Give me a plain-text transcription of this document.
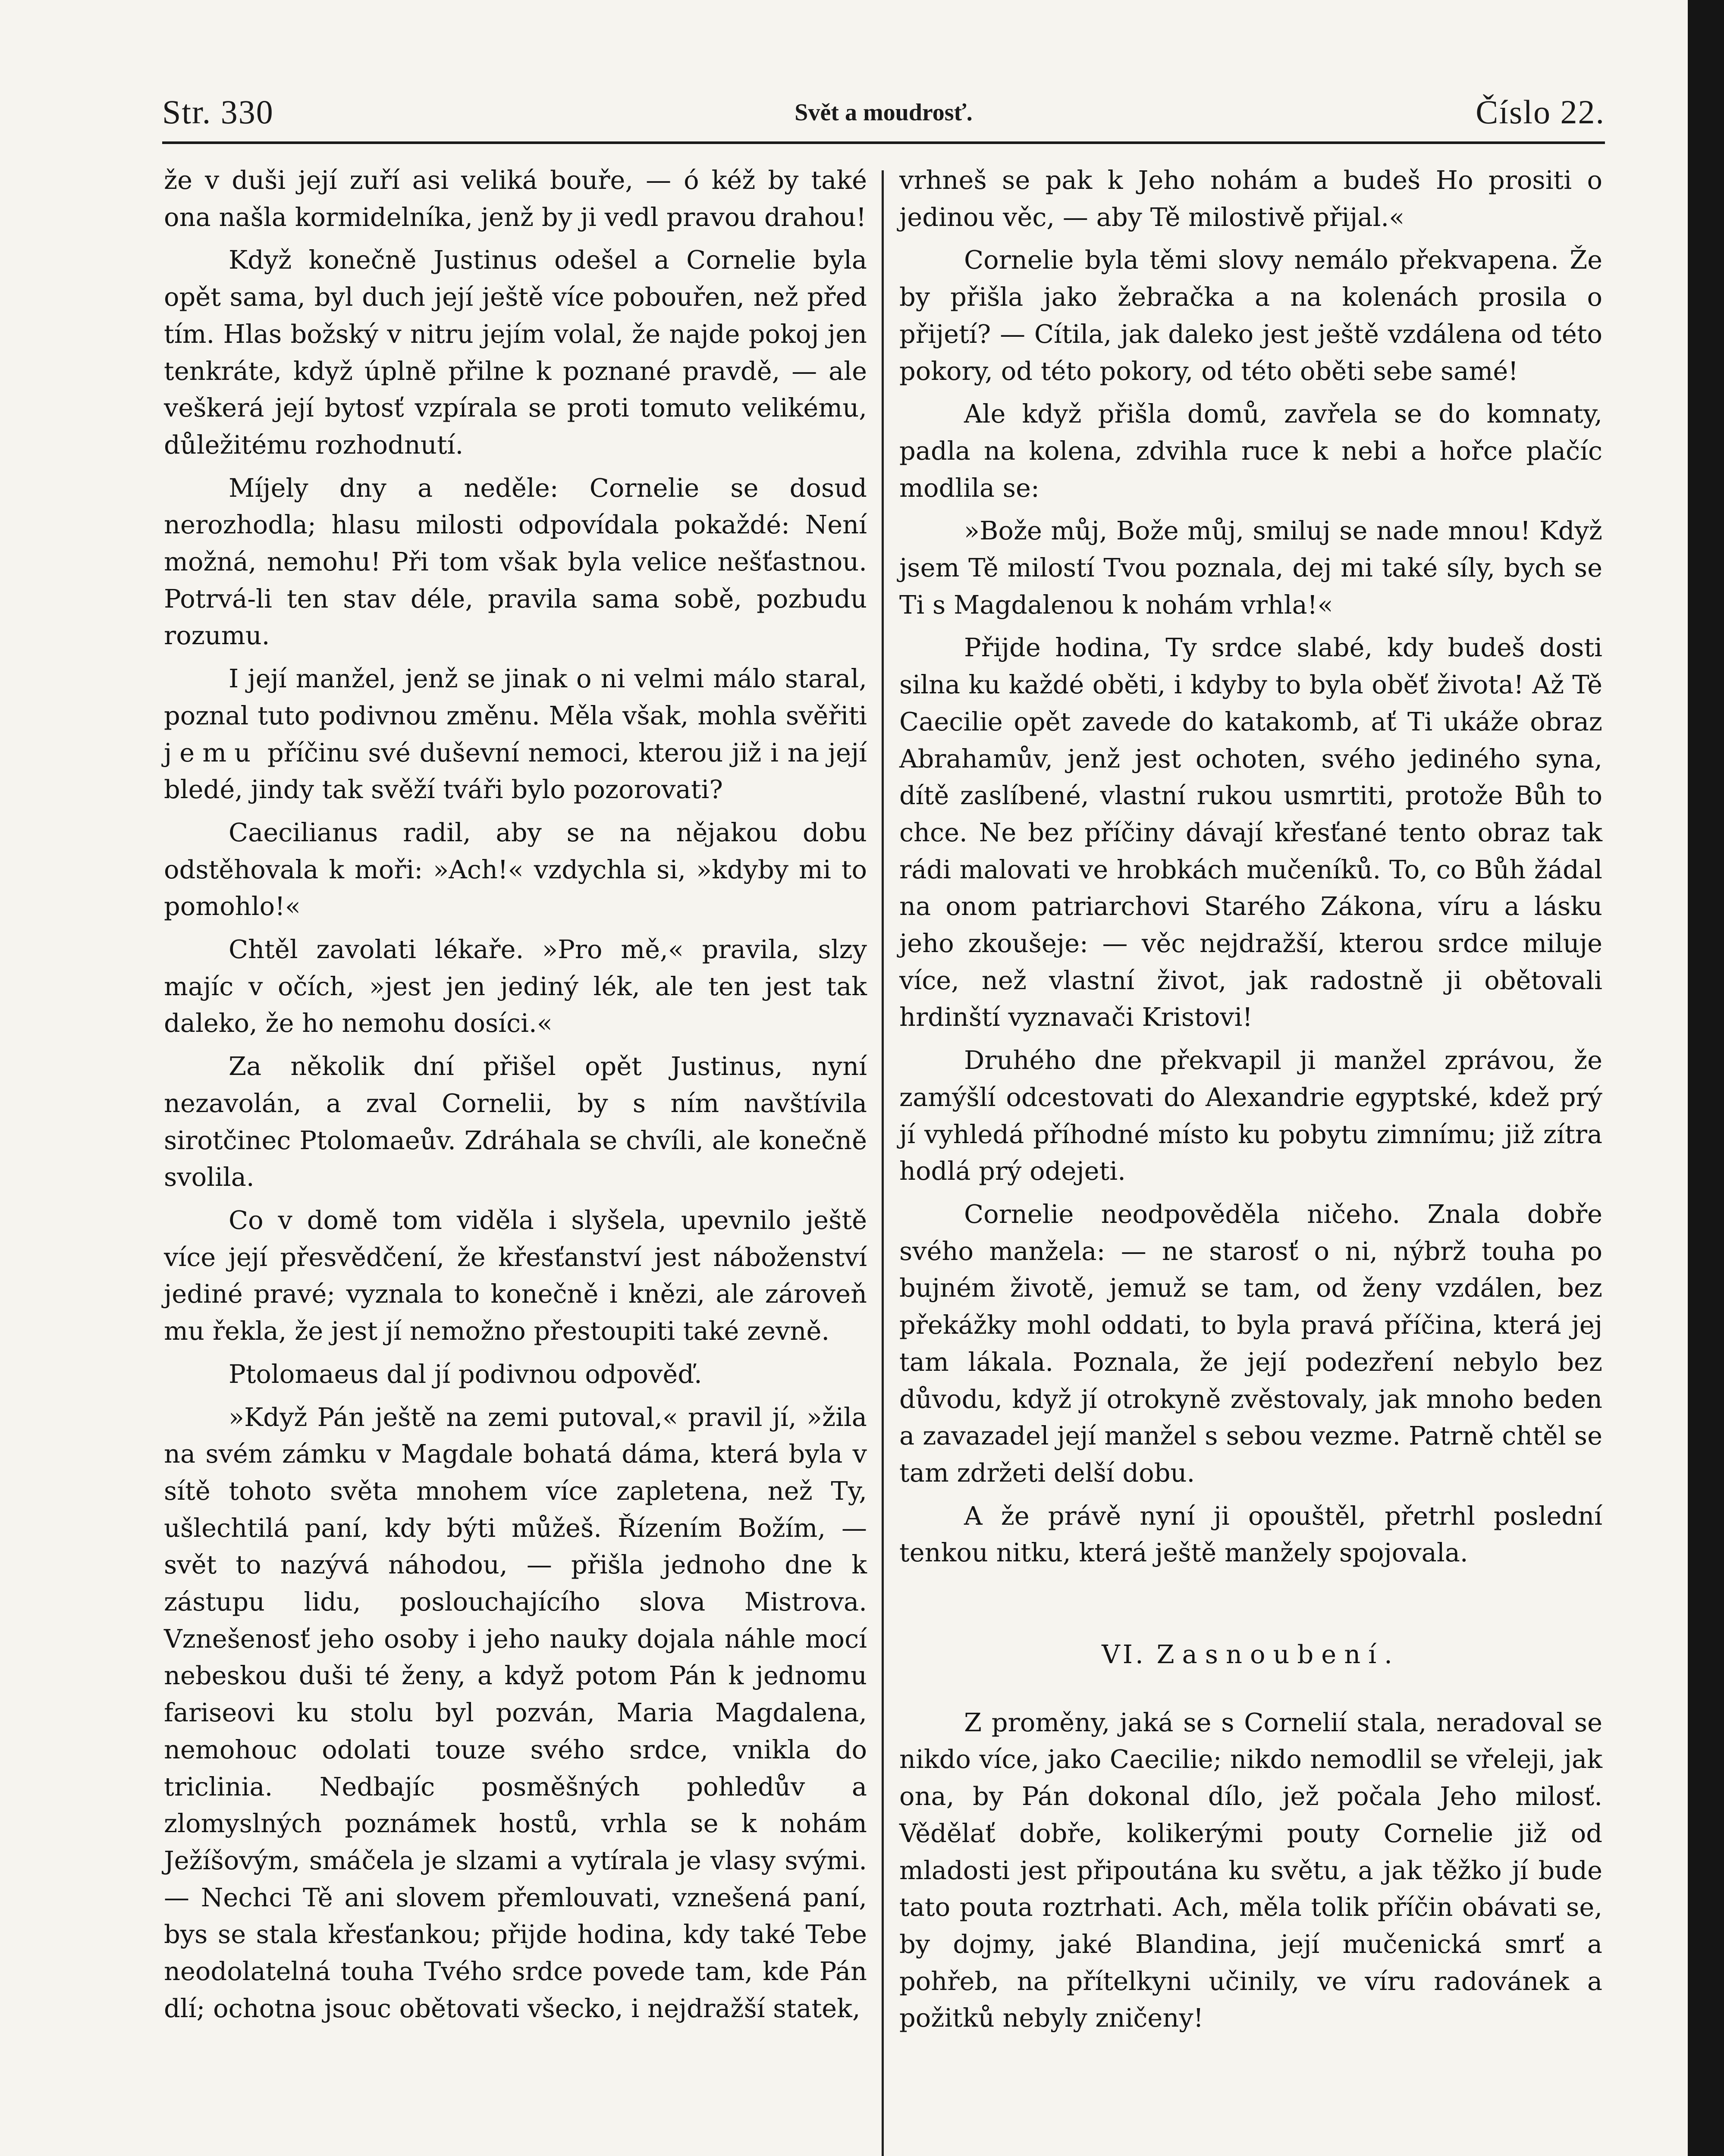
Str. 330	Svět a moudrosť.	Číslo 22.

že v duši její zuří asi veliká bouře, — ó kéž by také ona našla kormidelníka, jenž by ji vedl pravou drahou!

Když konečně Justinus odešel a Cornelie byla opět sama, byl duch její ještě více pobouřen, než před tím. Hlas božský v nitru jejím volal, že najde pokoj jen tenkráte, když úplně přilne k poznané pravdě, — ale veškerá její bytosť vzpírala se proti tomuto velikému, důležitému rozhodnutí.

Míjely dny a neděle: Cornelie se dosud nerozhodla; hlasu milosti odpovídala pokaždé: Není možná, nemohu! Při tom však byla velice nešťastnou. Potrvá-li ten stav déle, pravila sama sobě, pozbudu rozumu.

I její manžel, jenž se jinak o ni velmi málo staral, poznal tuto podivnou změnu. Měla však, mohla svěřiti jemu příčinu své duševní nemoci, kterou již i na její bledé, jindy tak svěží tváři bylo pozorovati?

Caecilianus radil, aby se na nějakou dobu odstěhovala k moři: »Ach!« vzdychla si, »kdyby mi to pomohlo!«

Chtěl zavolati lékaře. »Pro mě,« pravila, slzy majíc v očích, »jest jen jediný lék, ale ten jest tak daleko, že ho nemohu dosíci.«

Za několik dní přišel opět Justinus, nyní nezavolán, a zval Cornelii, by s ním navštívila sirotčinec Ptolomaeův. Zdráhala se chvíli, ale konečně svolila.

Co v domě tom viděla i slyšela, upevnilo ještě více její přesvědčení, že křesťanství jest náboženství jediné pravé; vyznala to konečně i knězi, ale zároveň mu řekla, že jest jí nemožno přestoupiti také zevně.

Ptolomaeus dal jí podivnou odpověď.

»Když Pán ještě na zemi putoval,« pravil jí, »žila na svém zámku v Magdale bohatá dáma, která byla v sítě tohoto světa mnohem více zapletena, než Ty, ušlechtilá paní, kdy býti můžeš. Řízením Božím, — svět to nazývá náhodou, — přišla jednoho dne k zástupu lidu, poslouchajícího slova Mistrova. Vznešenosť jeho osoby i jeho nauky dojala náhle mocí nebeskou duši té ženy, a když potom Pán k jednomu fariseovi ku stolu byl pozván, Maria Magdalena, nemohouc odolati touze svého srdce, vnikla do triclinia. Nedbajíc posměšných pohledův a zlomyslných poznámek hostů, vrhla se k nohám Ježíšovým, smáčela je slzami a vytírala je vlasy svými. — Nechci Tě ani slovem přemlouvati, vznešená paní, bys se stala křesťankou; přijde hodina, kdy také Tebe neodolatelná touha Tvého srdce povede tam, kde Pán dlí; ochotna jsouc obětovati všecko, i nejdražší statek,

vrhneš se pak k Jeho nohám a budeš Ho prositi o jedinou věc, — aby Tě milostivě přijal.«

Cornelie byla těmi slovy nemálo překvapena. Že by přišla jako žebračka a na kolenách prosila o přijetí? — Cítila, jak daleko jest ještě vzdálena od této pokory, od této pokory, od této oběti sebe samé!

Ale když přišla domů, zavřela se do komnaty, padla na kolena, zdvihla ruce k nebi a hořce plačíc modlila se:

»Bože můj, Bože můj, smiluj se nade mnou! Když jsem Tě milostí Tvou poznala, dej mi také síly, bych se Ti s Magdalenou k nohám vrhla!«

Přijde hodina, Ty srdce slabé, kdy budeš dosti silna ku každé oběti, i kdyby to byla oběť života! Až Tě Caecilie opět zavede do katakomb, ať Ti ukáže obraz Abrahamův, jenž jest ochoten, svého jediného syna, dítě zaslíbené, vlastní rukou usmrtiti, protože Bůh to chce. Ne bez příčiny dávají křesťané tento obraz tak rádi malovati ve hrobkách mučeníků. To, co Bůh žádal na onom patriarchovi Starého Zákona, víru a lásku jeho zkoušeje: — věc nejdražší, kterou srdce miluje více, než vlastní život, jak radostně ji obětovali hrdinští vyznavači Kristovi!

Druhého dne překvapil ji manžel zprávou, že zamýšlí odcestovati do Alexandrie egyptské, kdež prý jí vyhledá příhodné místo ku pobytu zimnímu; již zítra hodlá prý odejeti.

Cornelie neodpověděla ničeho. Znala dobře svého manžela: — ne starosť o ni, nýbrž touha po bujném životě, jemuž se tam, od ženy vzdálen, bez překážky mohl oddati, to byla pravá příčina, která jej tam lákala. Poznala, že její podezření nebylo bez důvodu, když jí otrokyně zvěstovaly, jak mnoho beden a zavazadel její manžel s sebou vezme. Patrně chtěl se tam zdržeti delší dobu.

A že právě nyní ji opouštěl, přetrhl poslední tenkou nitku, která ještě manžely spojovala.

VI. Zasnoubení.

Z proměny, jaká se s Cornelií stala, neradoval se nikdo více, jako Caecilie; nikdo nemodlil se vřeleji, jak ona, by Pán dokonal dílo, jež počala Jeho milosť. Vědělať dobře, kolikerými pouty Cornelie již od mladosti jest připoutána ku světu, a jak těžko jí bude tato pouta roztrhati. Ach, měla tolik příčin obávati se, by dojmy, jaké Blandina, její mučenická smrť a pohřeb, na přítelkyni učinily, ve víru radovánek a požitků nebyly zničeny!
